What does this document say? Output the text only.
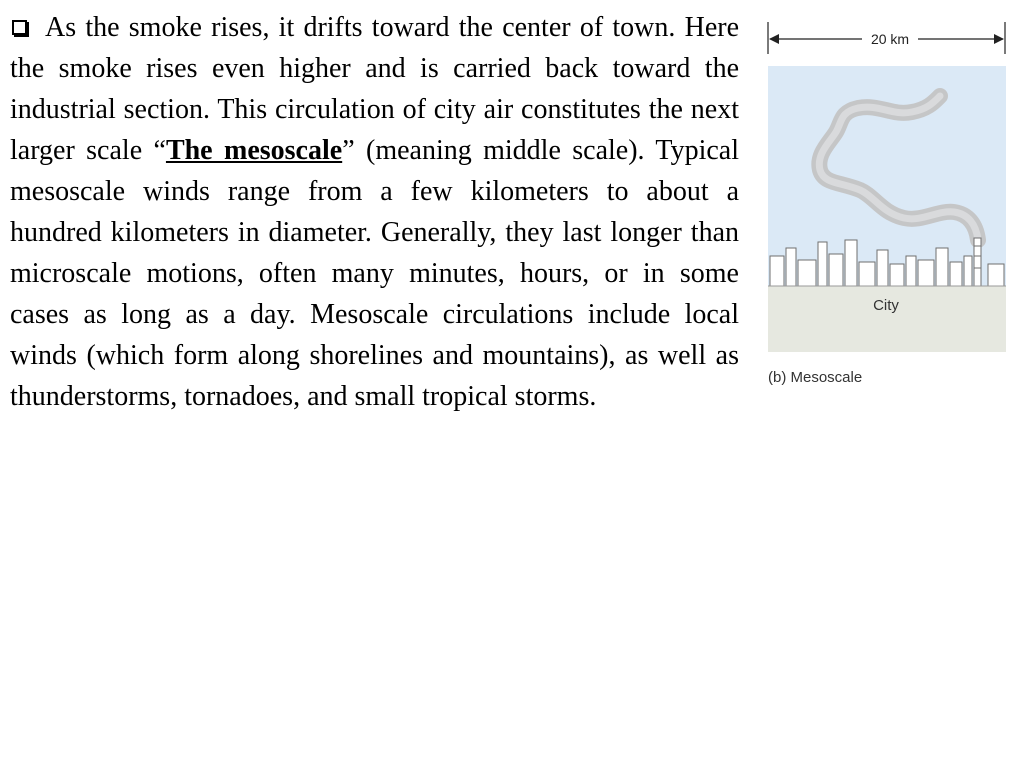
As the smoke rises, it drifts toward the center of town. Here the smoke rises even higher and is carried back toward the industrial section. This circulation of city air constitutes the next larger scale “The mesoscale” (meaning middle scale). Typical mesoscale winds range from a few kilometers to about a hundred kilometers in diameter. Generally, they last longer than microscale motions, often many minutes, hours, or in some cases as long as a day. Mesoscale circulations include local winds (which form along shorelines and mountains), as well as thunderstorms, tornadoes, and small tropical storms.

20 km
City
(b) Mesoscale
